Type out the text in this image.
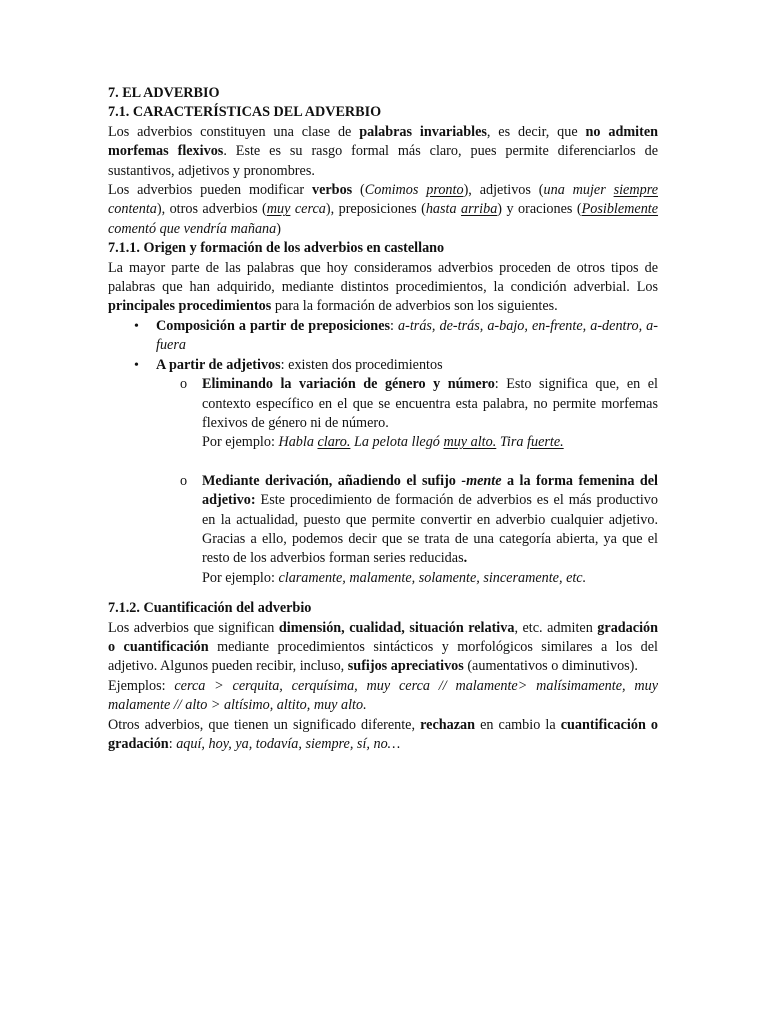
7. EL ADVERBIO
7.1. CARACTERÍSTICAS DEL ADVERBIO

Los adverbios constituyen una clase de palabras invariables, es decir, que no admiten morfemas flexivos. Este es su rasgo formal más claro, pues permite diferenciarlos de sustantivos, adjetivos y pronombres.

Los adverbios pueden modificar verbos (Comimos pronto), adjetivos (una mujer siempre contenta), otros adverbios (muy cerca), preposiciones (hasta arriba) y oraciones (Posiblemente comentó que vendría mañana)

7.1.1. Origen y formación de los adverbios en castellano

La mayor parte de las palabras que hoy consideramos adverbios proceden de otros tipos de palabras que han adquirido, mediante distintos procedimientos, la condición adverbial. Los principales procedimientos para la formación de adverbios son los siguientes.

• Composición a partir de preposiciones: a-trás, de-trás, a-bajo, en-frente, a-dentro, a-fuera
• A partir de adjetivos: existen dos procedimientos
o Eliminando la variación de género y número: Esto significa que, en el contexto específico en el que se encuentra esta palabra, no permite morfemas flexivos de género ni de número.
Por ejemplo: Habla claro. La pelota llegó muy alto. Tira fuerte.
o Mediante derivación, añadiendo el sufijo -mente a la forma femenina del adjetivo: Este procedimiento de formación de adverbios es el más productivo en la actualidad, puesto que permite convertir en adverbio cualquier adjetivo. Gracias a ello, podemos decir que se trata de una categoría abierta, ya que el resto de los adverbios forman series reducidas.
Por ejemplo: claramente, malamente, solamente, sinceramente, etc.
7.1.2. Cuantificación del adverbio

Los adverbios que significan dimensión, cualidad, situación relativa, etc. admiten gradación o cuantificación mediante procedimientos sintácticos y morfológicos similares a los del adjetivo. Algunos pueden recibir, incluso, sufijos apreciativos (aumentativos o diminutivos).

Ejemplos: cerca > cerquita, cerquísima, muy cerca // malamente> malísimamente, muy malamente // alto > altísimo, altito, muy alto.

Otros adverbios, que tienen un significado diferente, rechazan en cambio la cuantificación o gradación: aquí, hoy, ya, todavía, siempre, sí, no…
